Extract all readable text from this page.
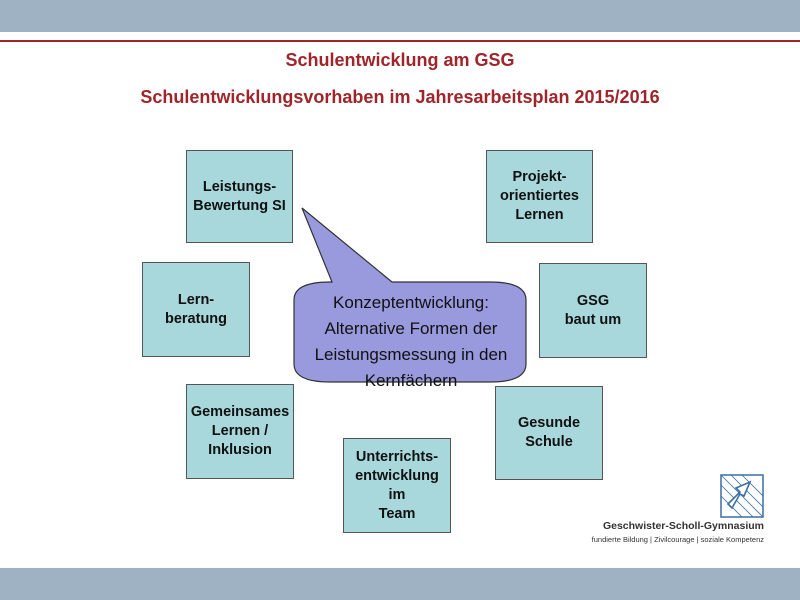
Schulentwicklung am GSG
Schulentwicklungsvorhaben im Jahresarbeitsplan 2015/2016
Konzeptentwicklung:
Alternative Formen der
Leistungsmessung in den
Kernfächern
Leistungs-
Bewertung SI
Projekt-
orientiertes
Lernen
Lern-
beratung
GSG
baut um
Gemeinsames
Lernen /
Inklusion
Gesunde
Schule
Unterrichts-
entwicklung
im
Team
Geschwister-Scholl-Gymnasium
fundierte Bildung | Zivilcourage | soziale Kompetenz
